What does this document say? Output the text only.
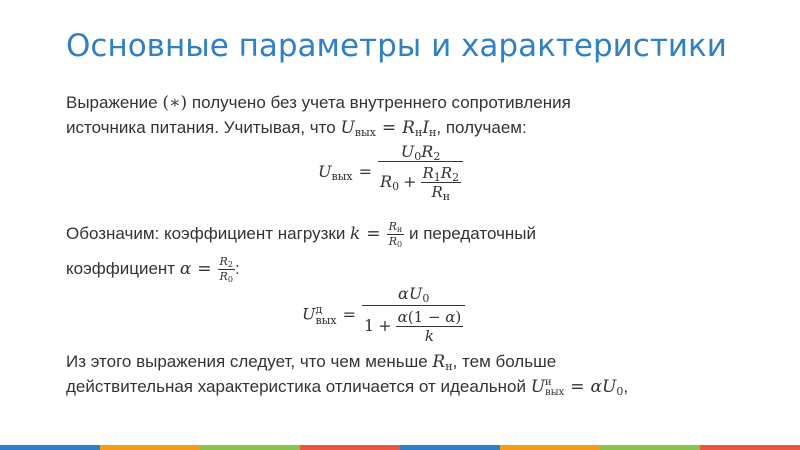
Основные параметры и характеристики
Выражение (∗) получено без учета внутреннего сопротивления
источника питания. Учитывая, что Uвых = RнIн, получаем:
Uвых = $\frac{U0R2}{R0 + \frac{R_1R_2}{R_н}}$
Обозначим: коэффициент нагрузки $k = \frac{Rн}{R0}$ и передаточный
коэффициент $\alpha = \frac{R2}{R0}$ :
U д
вых = $\frac{\alpha U0}{1 + \frac{\alpha(1 - \alpha)}{k}}$
Из этого выражения следует, что чем меньше Rн, тем больше
действительная характеристика отличается от идеальной U и
вых = αU0,
